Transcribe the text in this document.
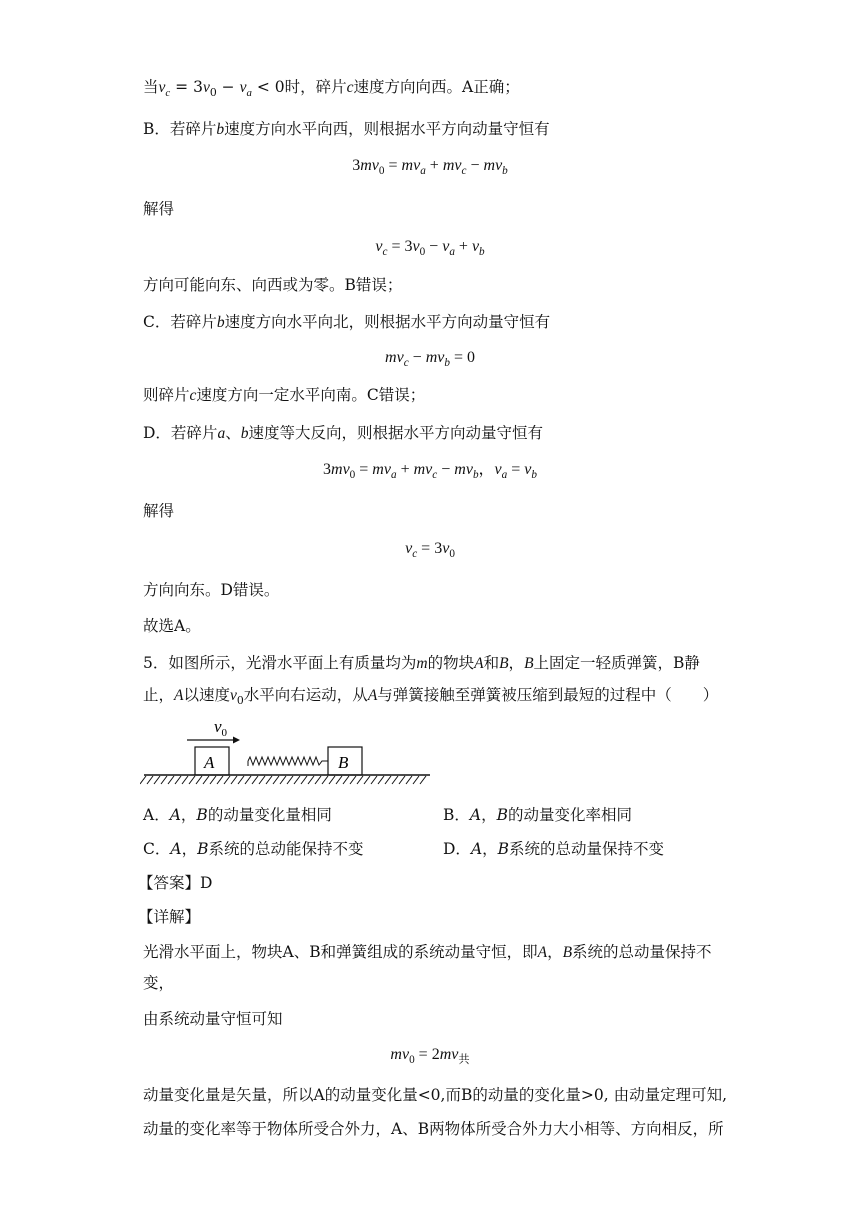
当$v_c = 3v_0 - v_a < 0$时，碎片c速度方向向西。A正确；
B．若碎片b速度方向水平向西，则根据水平方向动量守恒有
$3mv_0 = mv_a + mv_c - mv_b$
解得
$v_c = 3v_0 - v_a + v_b$
方向可能向东、向西或为零。B错误；
C．若碎片b速度方向水平向北，则根据水平方向动量守恒有
$mv_c - mv_b = 0$
则碎片c速度方向一定水平向南。C错误；
D．若碎片a、b速度等大反向，则根据水平方向动量守恒有
$3mv_0 = mv_a + mv_c - mv_b$，$v_a = v_b$
解得
$v_c = 3v_0$
方向向东。D错误。
故选A。
5．如图所示，光滑水平面上有质量均为m的物块A和B，B上固定一轻质弹簧，B静
止，A以速度$v_0$水平向右运动，从A与弹簧接触至弹簧被压缩到最短的过程中（　　）
$v_0$
A	B
A．A，B的动量变化量相同	B．A，B的动量变化率相同
C．A，B系统的总动能保持不变	D．A，B系统的总动量保持不变
【答案】D
【详解】
光滑水平面上，物块A、B和弹簧组成的系统动量守恒，即A，B系统的总动量保持不
变，
由系统动量守恒可知
$mv_0 = 2mv_共$
动量变化量是矢量，所以A的动量变化量<0,而B的动量的变化量>0, 由动量定理可知,
动量的变化率等于物体所受合外力，A、B两物体所受合外力大小相等、方向相反，所
